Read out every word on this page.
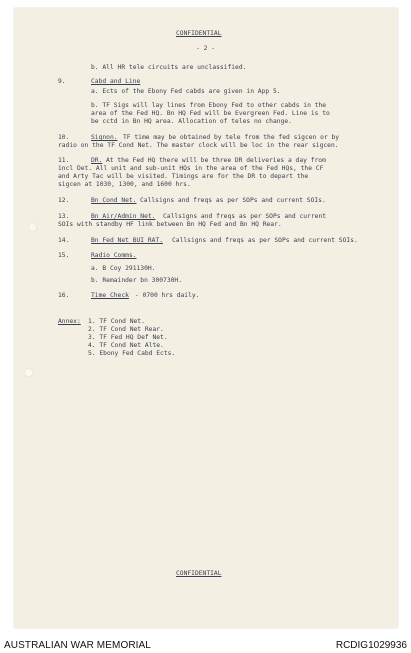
CONFIDENTIAL
- 2 -
b. All HR tele circuits are unclassified.
9.	Cabd and Line
a. Ects of the Ebony Fed cabds are given in App 5.
b. TF Sigs will lay lines from Ebony Fed to other cabds in the
area of the Fed HQ. Bn HQ Fed will be Evergreen Fed. Line is to
be cctd in Bn HQ area. Allocation of teles no change.
10.	Signon. TF time may be obtained by tele from the fed sigcen or by
radio on the TF Cond Net. The master clock will be loc in the rear sigcen.
11.	DR. At the Fed HQ there will be three DR deliveries a day from
incl Det. All unit and sub-unit HQs in the area of the Fed HQs, the CF
and Arty Tac will be visited. Timings are for the DR to depart the
sigcen at 1030, 1300, and 1600 hrs.
12.	Bn Cond Net. Callsigns and freqs as per SOPs and current SOIs.
13.	Bn Air/Admin Net. Callsigns and freqs as per SOPs and current
SOIs with standby HF link between Bn HQ Fed and Bn HQ Rear.
14.	Bn Fed Net BUI RAT. Callsigns and freqs as per SOPs and current SOIs.
15.	Radio Comms.
a. B Coy 291130H.
b. Remainder bn 300730H.
16.	Time Check - 0700 hrs daily.
Annex: 1. TF Cond Net.
2. TF Cond Net Rear.
3. TF Fed HQ Def Net.
4. TF Cond Net Alte.
5. Ebony Fed Cabd Ects.
CONFIDENTIAL
AUSTRALIAN WAR MEMORIAL	RCDIG1029936
